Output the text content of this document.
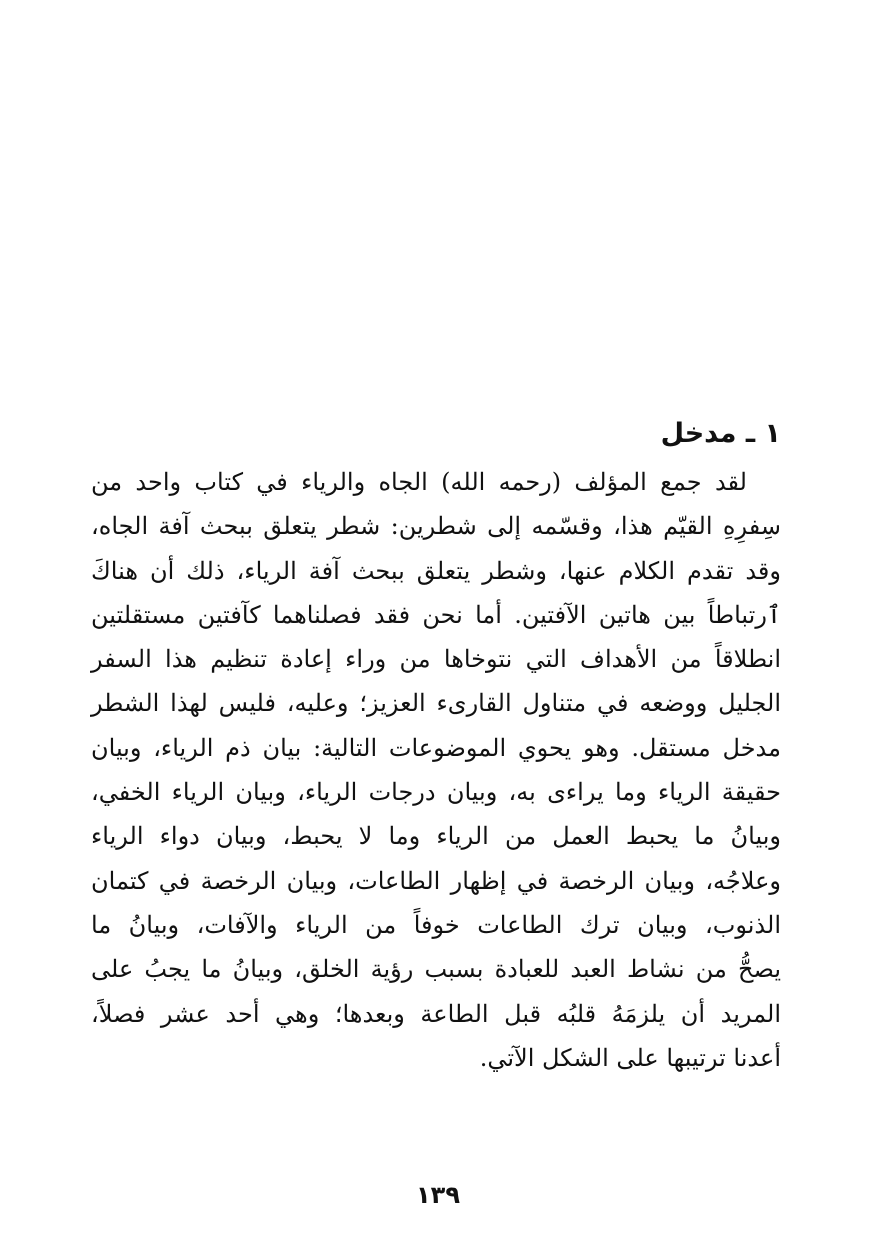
١ ـ مدخل
لقد جمع المؤلف (رحمه الله) الجاه والرياء في كتاب واحد من
سِفرِهِ القيّم هذا، وقسّمه إلى شطرين: شطر يتعلق ببحث آفة الجاه،
وقد تقدم الكلام عنها، وشطر يتعلق ببحث آفة الرياء، ذلك أن هناكَ
ٱرتباطاً بين هاتين الآفتين. أما نحن فقد فصلناهما كآفتين مستقلتين
انطلاقاً من الأهداف التي نتوخاها من وراء إعادة تنظيم هذا السفر
الجليل ووضعه في متناول القارىء العزيز؛ وعليه، فليس لهذا الشطر
مدخل مستقل. وهو يحوي الموضوعات التالية: بيان ذم الرياء، وبيان
حقيقة الرياء وما يراءى به، وبيان درجات الرياء، وبيان الرياء الخفي،
وبيانُ ما يحبط العمل من الرياء وما لا يحبط، وبيان دواء الرياء
وعلاجُه، وبيان الرخصة في إظهار الطاعات، وبيان الرخصة في كتمان
الذنوب، وبيان ترك الطاعات خوفاً من الرياء والآفات، وبيانُ ما
يصحُّ من نشاط العبد للعبادة بسبب رؤية الخلق، وبيانُ ما يجبُ على
المريد أن يلزمَهُ قلبُه قبل الطاعة وبعدها؛ وهي أحد عشر فصلاً،
أعدنا ترتيبها على الشكل الآتي.
١٣٩
